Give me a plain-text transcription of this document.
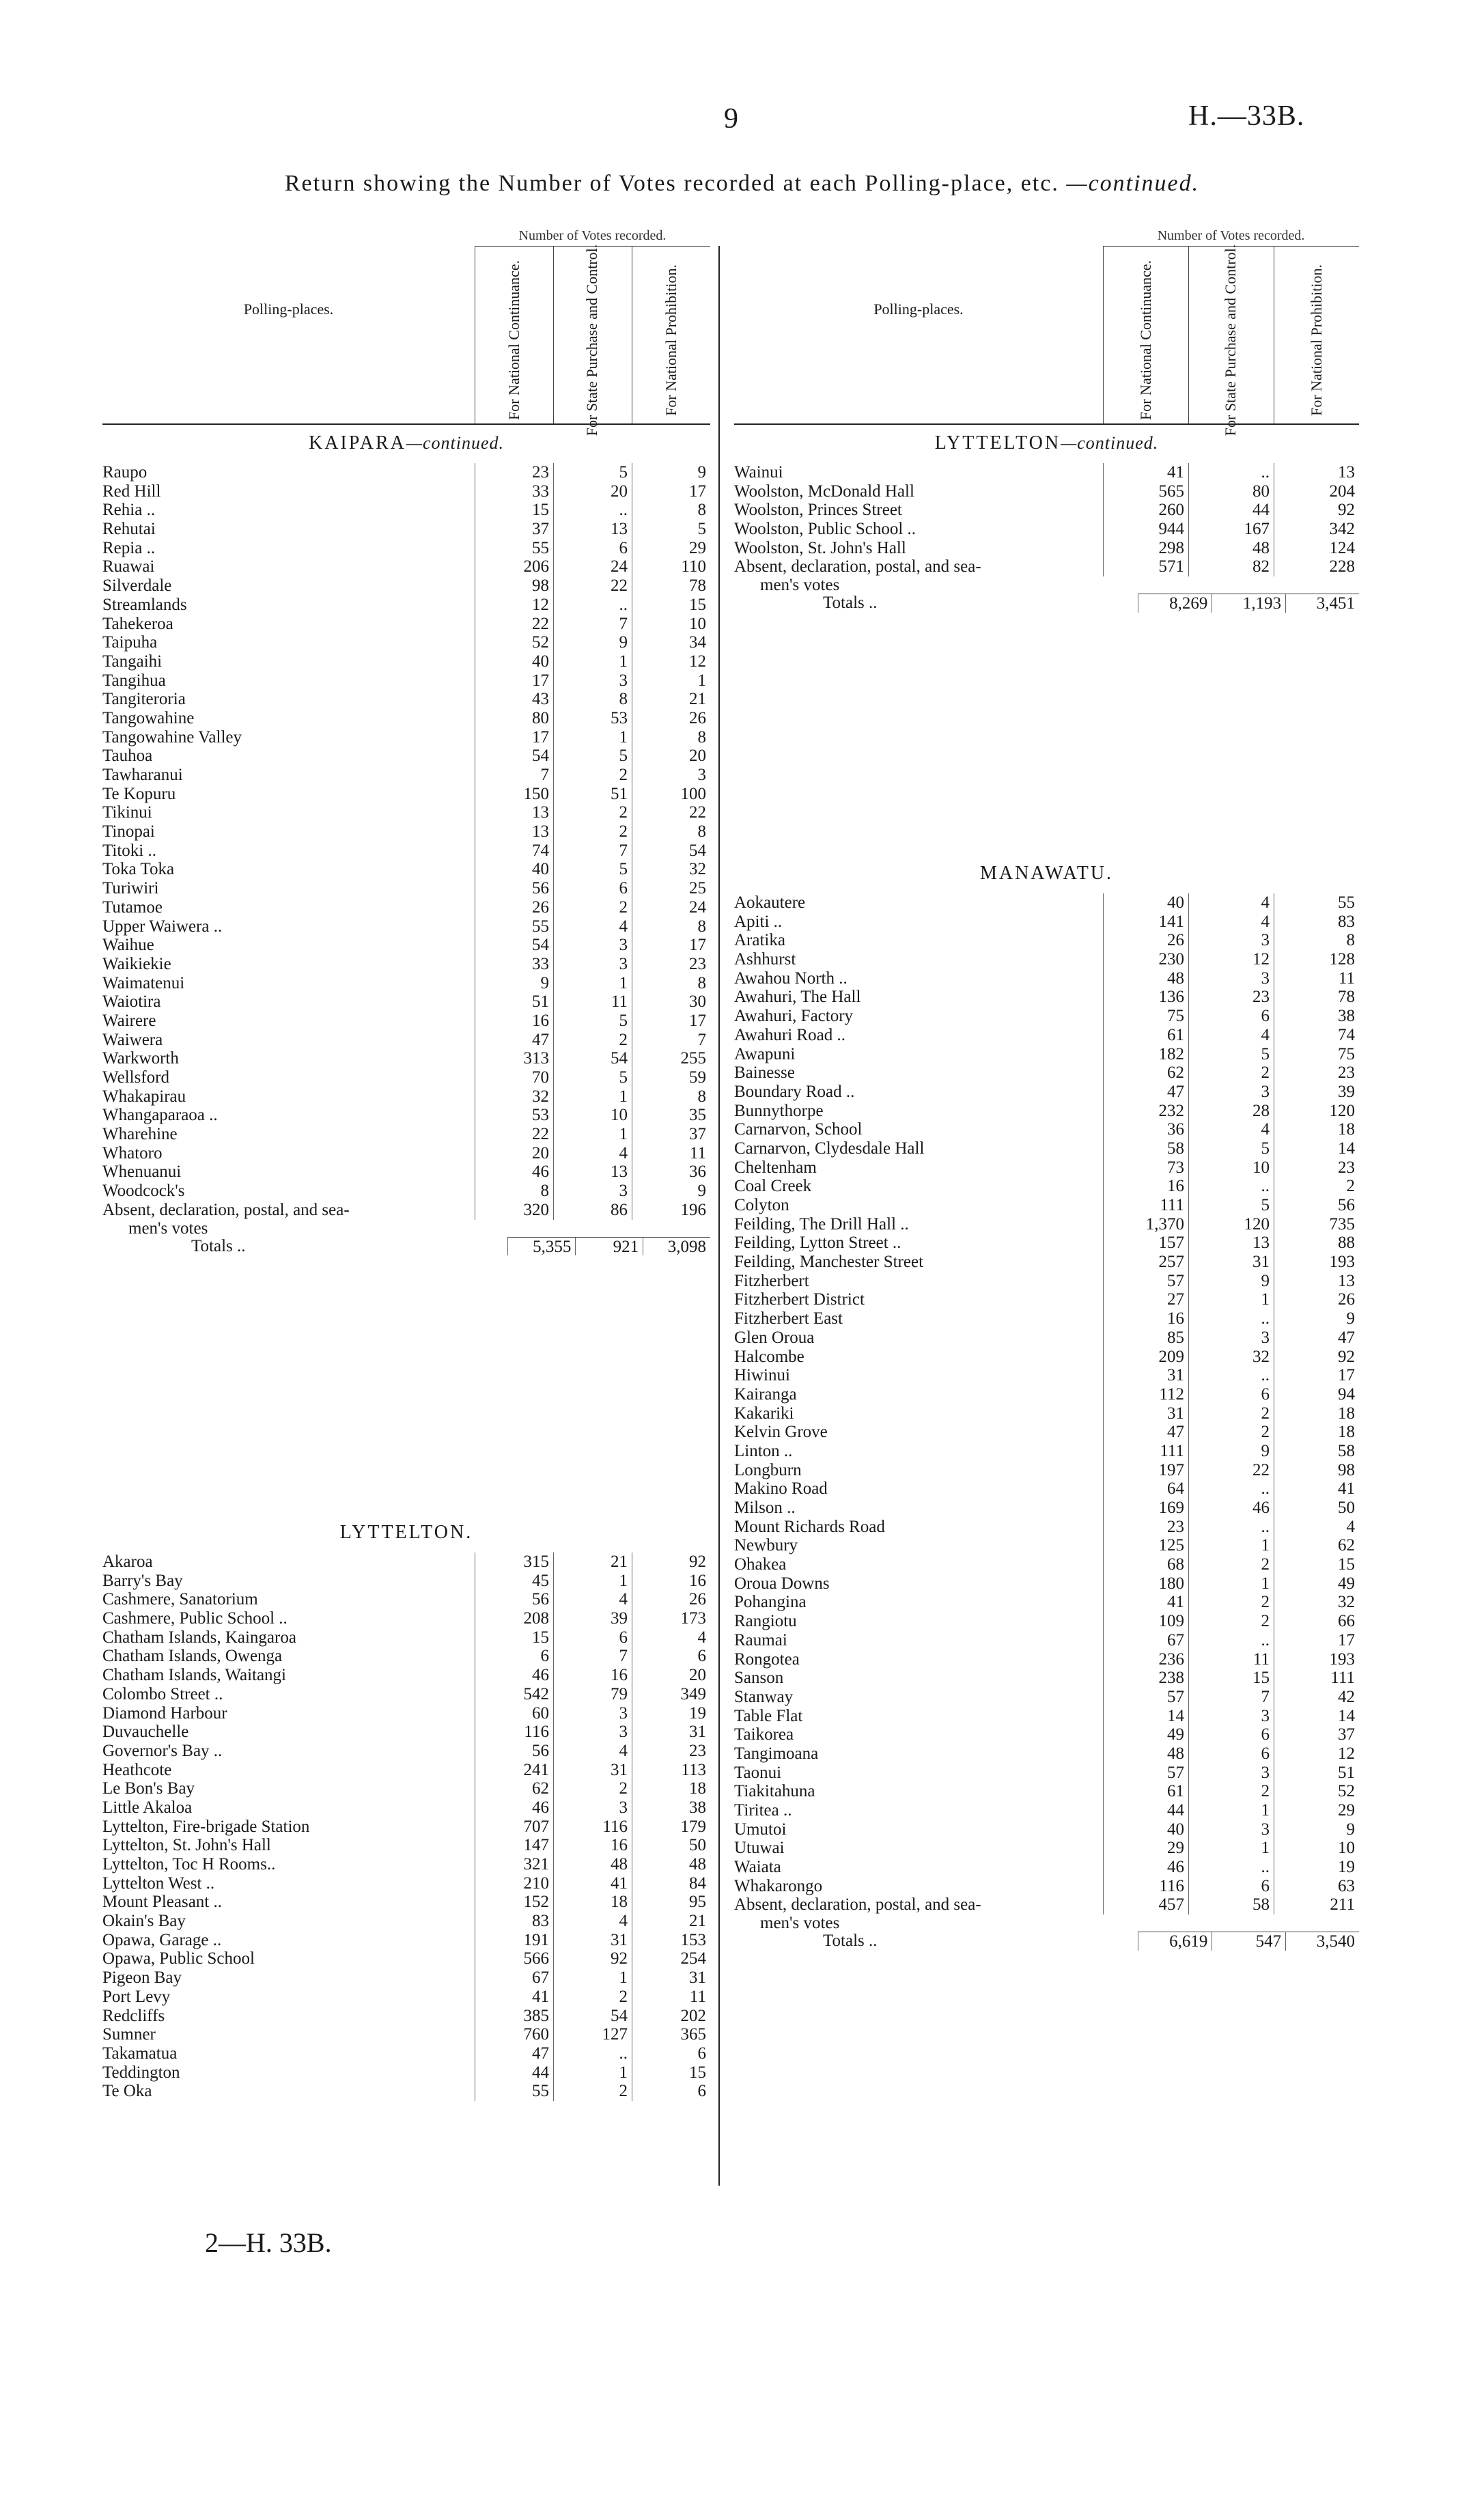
9	H.—33B.
Return showing the Number of Votes recorded at each Polling-place, etc. —continued.
Number of Votes recorded.
Polling-places.	For National Continuance.	For State Purchase and Control.	For National Prohibition.
KAIPARA—continued.
Raupo	23	5	9
Red Hill	33	20	17
Rehia ..	15	..	8
Rehutai	37	13	5
Repia ..	55	6	29
Ruawai	206	24	110
Silverdale	98	22	78
Streamlands	12	..	15
Tahekeroa	22	7	10
Taipuha	52	9	34
Tangaihi	40	1	12
Tangihua	17	3	1
Tangiteroria	43	8	21
Tangowahine	80	53	26
Tangowahine Valley	17	1	8
Tauhoa	54	5	20
Tawharanui	7	2	3
Te Kopuru	150	51	100
Tikinui	13	2	22
Tinopai	13	2	8
Titoki ..	74	7	54
Toka Toka	40	5	32
Turiwiri	56	6	25
Tutamoe	26	2	24
Upper Waiwera ..	55	4	8
Waihue	54	3	17
Waikiekie	33	3	23
Waimatenui	9	1	8
Waiotira	51	11	30
Wairere	16	5	17
Waiwera	47	2	7
Warkworth	313	54	255
Wellsford	70	5	59
Whakapirau	32	1	8
Whangaparaoa ..	53	10	35
Wharehine	22	1	37
Whatoro	20	4	11
Whenuanui	46	13	36
Woodcock's	8	3	9
Absent, declaration, postal, and sea-	320	86	196
men's votes
Totals ..	5,355	921	3,098
LYTTELTON.
Akaroa	315	21	92
Barry's Bay	45	1	16
Cashmere, Sanatorium	56	4	26
Cashmere, Public School ..	208	39	173
Chatham Islands, Kaingaroa	15	6	4
Chatham Islands, Owenga	6	7	6
Chatham Islands, Waitangi	46	16	20
Colombo Street ..	542	79	349
Diamond Harbour	60	3	19
Duvauchelle	116	3	31
Governor's Bay ..	56	4	23
Heathcote	241	31	113
Le Bon's Bay	62	2	18
Little Akaloa	46	3	38
Lyttelton, Fire-brigade Station	707	116	179
Lyttelton, St. John's Hall	147	16	50
Lyttelton, Toc H Rooms..	321	48	48
Lyttelton West ..	210	41	84
Mount Pleasant ..	152	18	95
Okain's Bay	83	4	21
Opawa, Garage ..	191	31	153
Opawa, Public School	566	92	254
Pigeon Bay	67	1	31
Port Levy	41	2	11
Redcliffs	385	54	202
Sumner	760	127	365
Takamatua	47	..	6
Teddington	44	1	15
Te Oka	55	2	6
Number of Votes recorded.
Polling-places.	For National Continuance.	For State Purchase and Control.	For National Prohibition.
LYTTELTON—continued.
Wainui	41	..	13
Woolston, McDonald Hall	565	80	204
Woolston, Princes Street	260	44	92
Woolston, Public School ..	944	167	342
Woolston, St. John's Hall	298	48	124
Absent, declaration, postal, and sea-	571	82	228
men's votes
Totals ..	8,269	1,193	3,451
MANAWATU.
Aokautere	40	4	55
Apiti ..	141	4	83
Aratika	26	3	8
Ashhurst	230	12	128
Awahou North ..	48	3	11
Awahuri, The Hall	136	23	78
Awahuri, Factory	75	6	38
Awahuri Road ..	61	4	74
Awapuni	182	5	75
Bainesse	62	2	23
Boundary Road ..	47	3	39
Bunnythorpe	232	28	120
Carnarvon, School	36	4	18
Carnarvon, Clydesdale Hall	58	5	14
Cheltenham	73	10	23
Coal Creek	16	..	2
Colyton	111	5	56
Feilding, The Drill Hall ..	1,370	120	735
Feilding, Lytton Street ..	157	13	88
Feilding, Manchester Street	257	31	193
Fitzherbert	57	9	13
Fitzherbert District	27	1	26
Fitzherbert East	16	..	9
Glen Oroua	85	3	47
Halcombe	209	32	92
Hiwinui	31	..	17
Kairanga	112	6	94
Kakariki	31	2	18
Kelvin Grove	47	2	18
Linton ..	111	9	58
Longburn	197	22	98
Makino Road	64	..	41
Milson ..	169	46	50
Mount Richards Road	23	..	4
Newbury	125	1	62
Ohakea	68	2	15
Oroua Downs	180	1	49
Pohangina	41	2	32
Rangiotu	109	2	66
Raumai	67	..	17
Rongotea	236	11	193
Sanson	238	15	111
Stanway	57	7	42
Table Flat	14	3	14
Taikorea	49	6	37
Tangimoana	48	6	12
Taonui	57	3	51
Tiakitahuna	61	2	52
Tiritea ..	44	1	29
Umutoi	40	3	9
Utuwai	29	1	10
Waiata	46	..	19
Whakarongo	116	6	63
Absent, declaration, postal, and sea-	457	58	211
men's votes
Totals ..	6,619	547	3,540
2—H. 33B.
